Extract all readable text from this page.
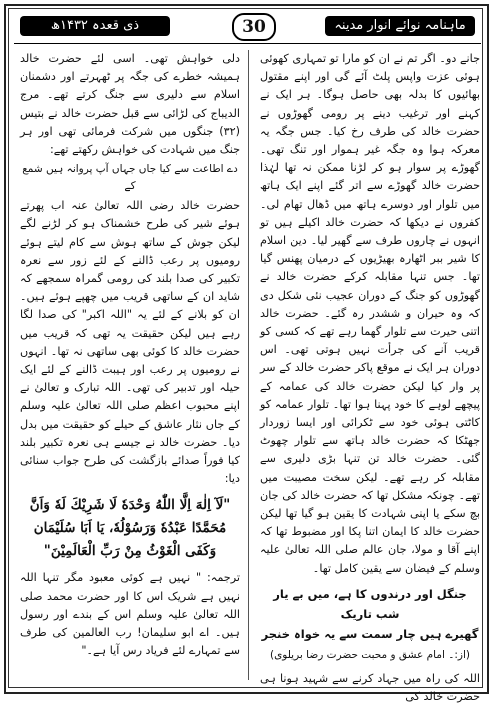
ذی قعدہ ۱۴۳۲ھ	30	ماہنامہ نوائے انوار مدینہ

جانے دو۔ اگر تم نے ان کو مارا تو تمہاری کھوئی ہوئی عزت واپس پلٹ آئے گی اور اپنے مقتول بھائیوں کا بدلہ بھی حاصل ہوگا۔ ہر ایک نے کہنے اور ترغیب دینے پر رومی گھوڑوں نے حضرت خالد کی طرف رخ کیا۔ جس جگہ یہ معرکہ ہوا وہ جگہ غیر ہموار اور تنگ تھی۔ گھوڑے پر سوار ہو کر لڑنا ممکن نہ تھا لہٰذا حضرت خالد گھوڑے سے اتر گئے اپنے ایک ہاتھ میں تلوار اور دوسرے ہاتھ میں ڈھال تھام لی۔ کفروں نے دیکھا کہ حضرت خالد اکیلے ہیں تو انہوں نے چاروں طرف سے گھیر لیا۔ دین اسلام کا شیر ببر اٹھارہ بھیڑیوں کے درمیان پھنس گیا تھا۔ جس تنہا مقابلہ کرکے حضرت خالد نے گھوڑوں کو جنگ کے دوران عجیب نئی شکل دی کہ وہ حیران و ششدر رہ گئے۔ حضرت خالد اتنی حیرت سے تلوار گھما رہے تھے کہ کسی کو قریب آنے کی جرأت نہیں ہوتی تھی۔ اس دوران ہر ایک نے موقع پاکر حضرت خالد کے سر پر وار کیا لیکن حضرت خالد کی عمامہ کے پیچھے لوہے کا خود پہنا ہوا تھا۔ تلوار عمامہ کو کاٹتی ہوئی خود سے ٹکرائی اور ایسا زوردار جھٹکا کہ حضرت خالد ہاتھ سے تلوار چھوٹ گئی۔ حضرت خالد تن تنہا بڑی دلیری سے مقابلہ کر رہے تھے۔ لیکن سخت مصیبت میں تھے۔ چونکہ مشکل تھا کہ حضرت خالد کی جان بچ سکے یا اپنی شہادت کا یقین ہو گیا تھا لیکن حضرت خالد کا ایمان اتنا پکا اور مضبوط تھا کہ اپنے آقا و مولا، جان عالم صلی اللہ تعالیٰ علیہ وسلم کے فیضان سے یقین کامل تھا۔

جنگل اور درندوں کا ہے، میں بے یار شب تاریک

گھیرے ہیں چار سمت سے یہ خواہ خنجر

(از:۔ امام عشق و محبت حضرت رضا بریلوی)

اللہ کی راہ میں جہاد کرنے سے شہید ہونا ہی حضرت خالد کی

دلی خواہش تھی۔ اسی لئے حضرت خالد ہمیشہ خطرے کی جگہ پر ٹھہرتے اور دشمنان اسلام سے دلیری سے جنگ کرتے تھے۔ مرج الدیباج کی لڑائی سے قبل حضرت خالد نے بتیس (۳۲) جنگوں میں شرکت فرمائی تھی اور ہر جنگ میں شہادت کی خواہش رکھتے تھے:

دے اطاعت سے کیا جاں جہاں آپ پروانہ ہیں شمع کے

حضرت خالد رضی اللہ تعالیٰ عنہ اب پھرتے ہوئے شیر کی طرح خشمناک ہو کر لڑنے لگے لیکن جوش کے ساتھ ہوش سے کام لیتے ہوئے رومیوں پر رعب ڈالنے کے لئے زور سے نعرہ تکبیر کی صدا بلند کی رومی گمراہ سمجھے کہ شاید ان کے ساتھی قریب میں چھپے ہوئے ہیں۔ ان کو بلانے کے لئے یہ "اللہ اکبر" کی صدا لگا رہے ہیں لیکن حقیقت یہ تھی کہ قریب میں حضرت خالد کا کوئی بھی ساتھی نہ تھا۔ انہوں نے رومیوں پر رعب اور ہیبت ڈالنے کے لئے ایک حیلہ اور تدبیر کی تھی۔ اللہ تبارک و تعالیٰ نے اپنے محبوب اعظم صلی اللہ تعالیٰ علیہ وسلم کے جاں نثار عاشق کے حیلے کو حقیقت میں بدل دیا۔ حضرت خالد نے جیسے ہی نعرہ تکبیر بلند کیا فوراً صدائے بازگشت کی طرح جواب سنائی دیا:

"لَآ اِلٰهَ اِلَّا اللّٰهُ وَحْدَهٗ لَا شَرِيْكَ لَهٗ وَاَنَّ مُحَمَّدًا عَبْدُهٗ وَرَسُوْلُهٗ، يَا اَبَا سُلَيْمَان وَكَفَى الْغَوْثُ مِنْ رَبِّ الْعَالَمِيْنَ"

ترجمہ: " نہیں ہے کوئی معبود مگر تنہا اللہ نہیں ہے شریک اس کا اور حضرت محمد صلی اللہ تعالیٰ علیہ وسلم اس کے بندے اور رسول ہیں۔ اے ابو سلیمان! رب العالمین کی طرف سے تمہارے لئے فریاد رس آیا ہے۔"
